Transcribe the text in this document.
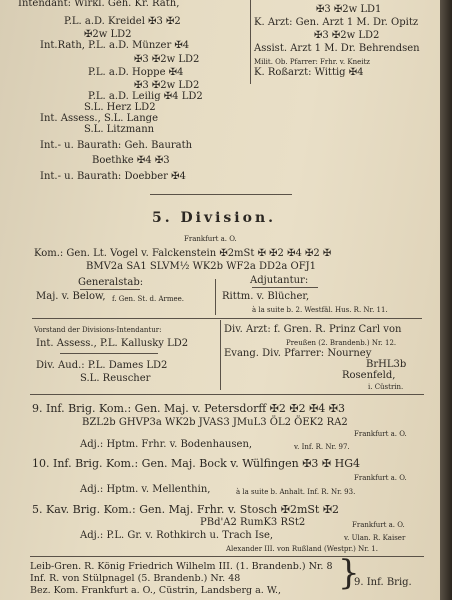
Intendant: Wirkl. Geh. Kr. Rath,
P.L. a.D. Kreidel ✠3 ✠2
✠2w LD2
Int.Rath, P.L. a.D. Münzer ✠4
✠3 ✠2w LD2
P.L. a.D. Hoppe ✠4
✠3 ✠2w LD2
P.L. a.D. Leilig ✠4 LD2
S.L. Herz LD2
Int. Assess., S.L. Lange
S.L. Litzmann
Int.- u. Baurath: Geh. Baurath
Boethke ✠4 ✠3
Int.- u. Baurath: Doebber ✠4
✠3 ✠2w LD1
K. Arzt: Gen. Arzt 1 M. Dr. Opitz
✠3 ✠2w LD2
Assist. Arzt 1 M. Dr. Behrendsen
Milit. Ob. Pfarrer: Frhr. v. Kneitz
K. Roßarzt: Wittig ✠4
5. Division.
Frankfurt a. O.
Kom.: Gen. Lt. Vogel v. Falckenstein ✠2mSt ✠ ✠2 ✠4 ✠2 ✠
BMV2a SA1 SLVM½ WK2b WF2a DD2a OFJ1
Adjutantur:
Generalstab:
Maj. v. Below, f. Gen. St. d. Armee.	Rittm. v. Blücher,
à la suite b. 2. Westfäl. Hus. R. Nr. 11.
Vorstand der Divisions-Intendantur:
Int. Assess., P.L. Kallusky LD2
Div. Aud.: P.L. Dames LD2
S.L. Reuscher
Div. Arzt: f. Gren. R. Prinz Carl von
Preußen (2. Brandenb.) Nr. 12.
Evang. Div. Pfarrer: Nourney
BrHL3b
Rosenfeld,
i. Cüstrin.
9. Inf. Brig. Kom.: Gen. Maj. v. Petersdorff ✠2 ✠2 ✠4 ✠3
BZL2b GHVP3a WK2b JVAS3 JMuL3 ÖL2 ÖEK2 RA2
Frankfurt a. O.
Adj.: Hptm. Frhr. v. Bodenhausen,	v. Inf. R. Nr. 97.
10. Inf. Brig. Kom.: Gen. Maj. Bock v. Wülfingen ✠3 ✠ HG4
Frankfurt a. O.
Adj.: Hptm. v. Mellenthin,	à la suite b. Anhalt. Inf. R. Nr. 93.
5. Kav. Brig. Kom.: Gen. Maj. Frhr. v. Stosch ✠2mSt ✠2
PBd'A2 RumK3 RSt2	Frankfurt a. O.
Adj.: P.L. Gr. v. Rothkirch u. Trach Ise,	v. Ulan. R. Kaiser
Alexander III. von Rußland (Westpr.) Nr. 1.
Leib-Gren. R. König Friedrich Wilhelm III. (1. Brandenb.) Nr. 8
Inf. R. von Stülpnagel (5. Brandenb.) Nr. 48
Bez. Kom. Frankfurt a. O., Cüstrin, Landsberg a. W., }
9. Inf. Brig.
